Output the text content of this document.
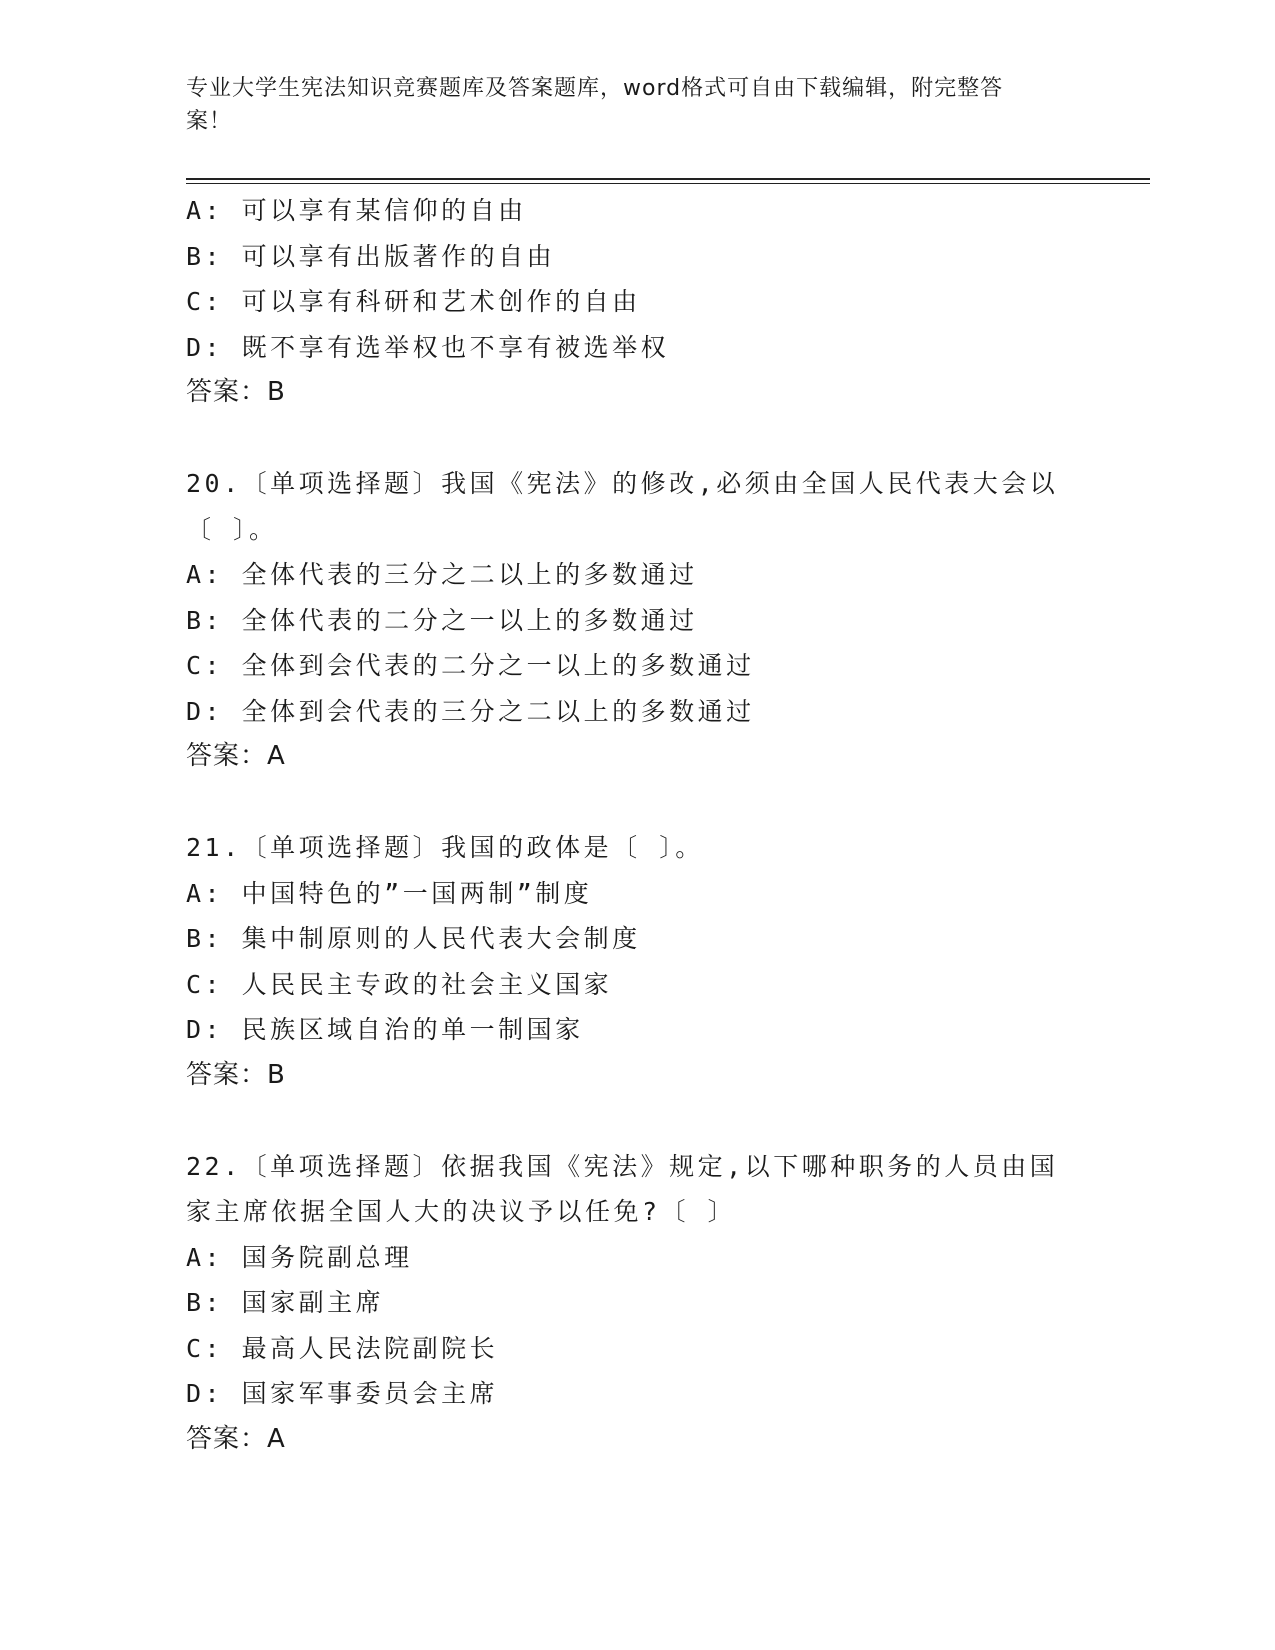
专业大学生宪法知识竞赛题库及答案题库，word格式可自由下载编辑，附完整答
案！
A: 可以享有某信仰的自由
B: 可以享有出版著作的自由
C: 可以享有科研和艺术创作的自由
D: 既不享有选举权也不享有被选举权
答案：B
20.〔单项选择题〕我国《宪法》的修改,必须由全国人民代表大会以
〔 〕。
A: 全体代表的三分之二以上的多数通过
B: 全体代表的二分之一以上的多数通过
C: 全体到会代表的二分之一以上的多数通过
D: 全体到会代表的三分之二以上的多数通过
答案：A
21.〔单项选择题〕我国的政体是〔 〕。
A: 中国特色的”一国两制”制度
B: 集中制原则的人民代表大会制度
C: 人民民主专政的社会主义国家
D: 民族区域自治的单一制国家
答案：B
22.〔单项选择题〕依据我国《宪法》规定,以下哪种职务的人员由国
家主席依据全国人大的决议予以任免?〔 〕
A: 国务院副总理
B: 国家副主席
C: 最高人民法院副院长
D: 国家军事委员会主席
答案：A
